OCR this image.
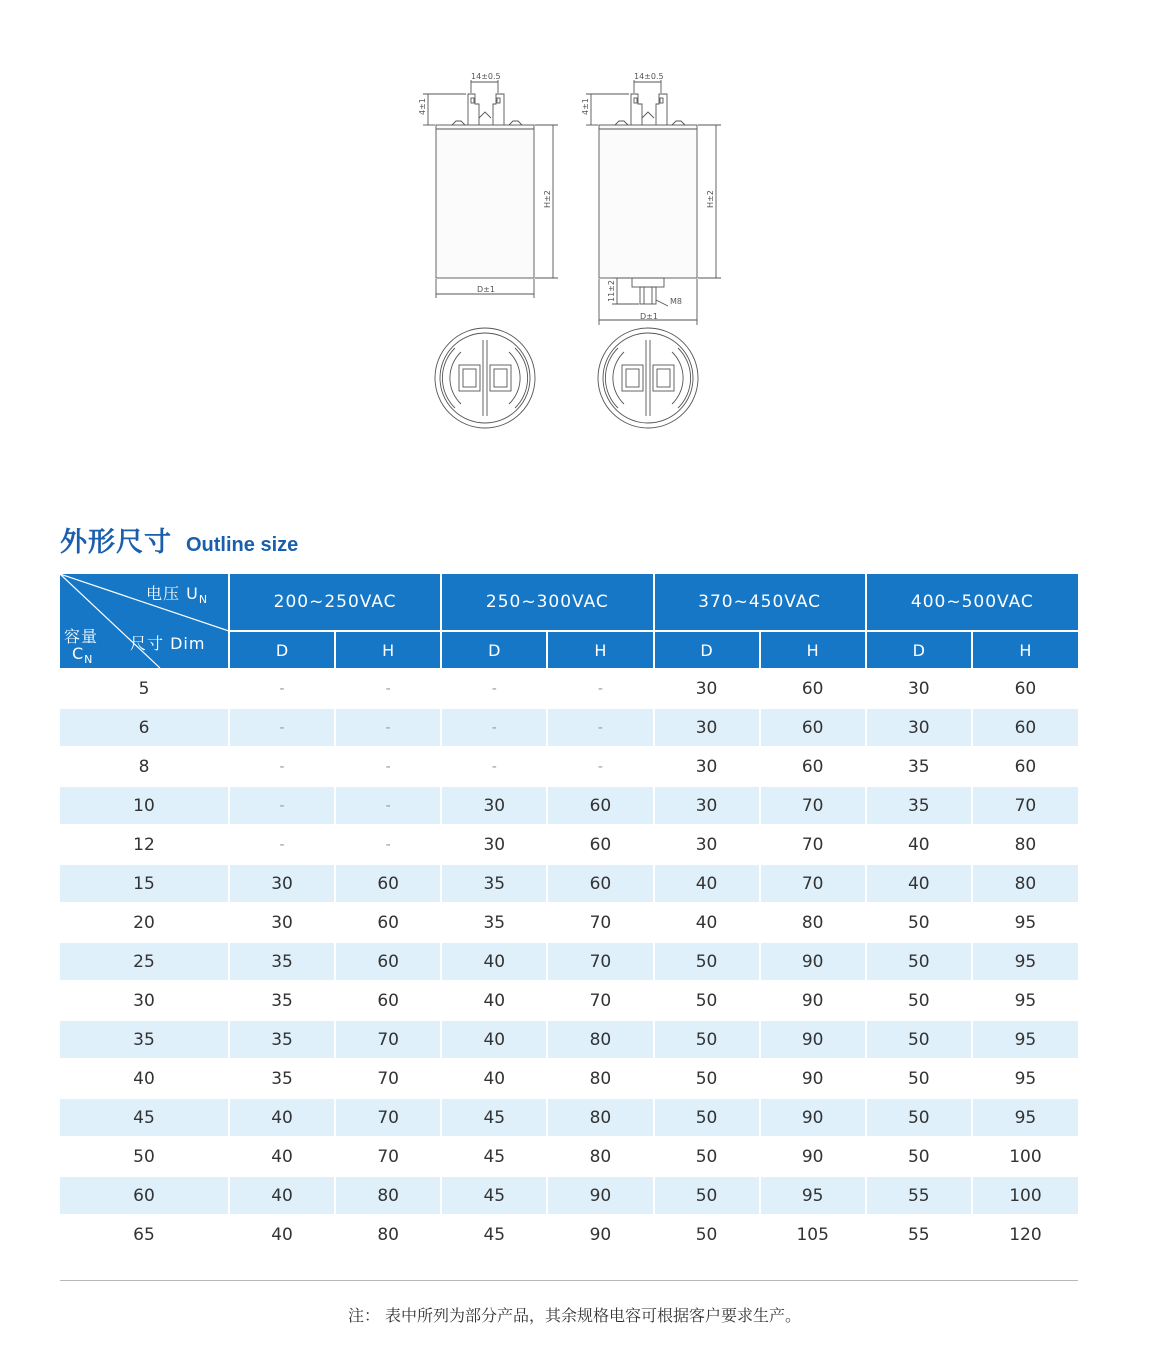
14±0.5
4±1
H±2
D±1
14±0.5
4±1
H±2
11±2	M8
D±1
外形尺寸 Outline size
电压 $U_N$
尺寸 Dim
容量
$C_N$	200~250VAC		250~300VAC		370~450VAC		400~500VAC	
	D	H	D	H	D	H	D	H
5	-	-	-	-	30	60	30	60
6	-	-	-	-	30	60	30	60
8	-	-	-	-	30	60	35	60
10	-	-	30	60	30	70	35	70
12	-	-	30	60	30	70	40	80
15	30	60	35	60	40	70	40	80
20	30	60	35	70	40	80	50	95
25	35	60	40	70	50	90	50	95
30	35	60	40	70	50	90	50	95
35	35	70	40	80	50	90	50	95
40	35	70	40	80	50	90	50	95
45	40	70	45	80	50	90	50	95
50	40	70	45	80	50	90	50	100
60	40	80	45	90	50	95	55	100
65	40	80	45	90	50	105	55	120
注： 表中所列为部分产品，其余规格电容可根据客户要求生产。
